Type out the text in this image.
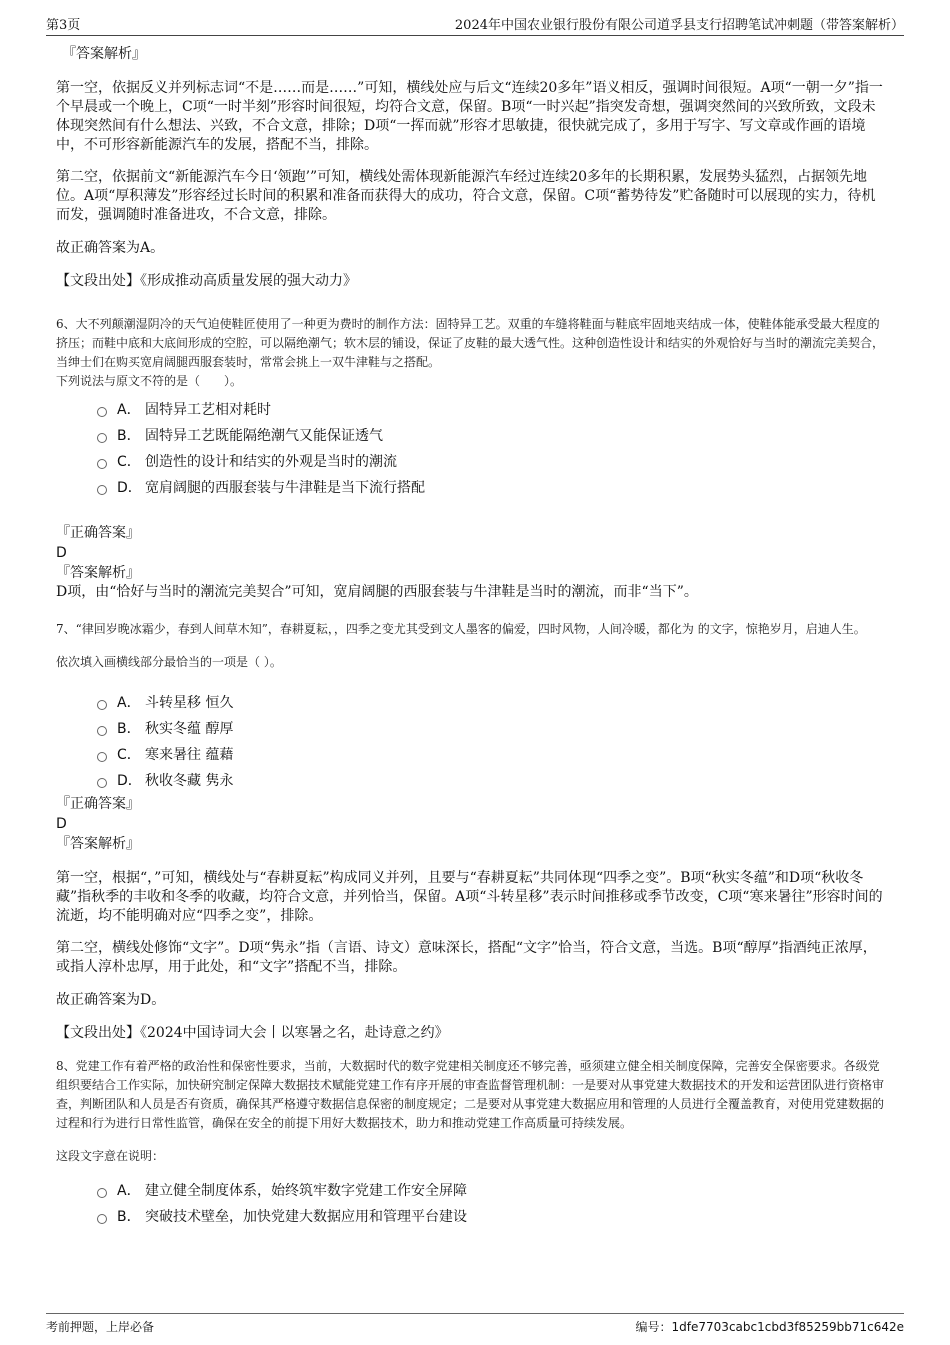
第3页	2024年中国农业银行股份有限公司道孚县支行招聘笔试冲刺题（带答案解析）
『答案解析』

第一空，依据反义并列标志词“不是……而是……”可知，横线处应与后文“连续20多年”语义相反，强调时间很短。A项“一朝一夕”指一个早晨或一个晚上，C项“一时半刻”形容时间很短，均符合文意，保留。B项“一时兴起”指突发奇想，强调突然间的兴致所致，文段未体现突然间有什么想法、兴致，不合文意，排除；D项“一挥而就”形容才思敏捷，很快就完成了，多用于写字、写文章或作画的语境中，不可形容新能源汽车的发展，搭配不当，排除。

第二空，依据前文“新能源汽车今日‘领跑’”可知，横线处需体现新能源汽车经过连续20多年的长期积累，发展势头猛烈，占据领先地位。A项“厚积薄发”形容经过长时间的积累和准备而获得大的成功，符合文意，保留。C项“蓄势待发”贮备随时可以展现的实力，待机而发，强调随时准备进攻，不合文意，排除。

故正确答案为A。

【文段出处】《形成推动高质量发展的强大动力》

6、大不列颠潮湿阴冷的天气迫使鞋匠使用了一种更为费时的制作方法：固特异工艺。双重的车缝将鞋面与鞋底牢固地夹结成一体，使鞋体能承受最大程度的挤压；而鞋中底和大底间形成的空腔，可以隔绝潮气；软木层的铺设，保证了皮鞋的最大透气性。这种创造性设计和结实的外观恰好与当时的潮流完美契合，当绅士们在购买宽肩阔腿西服套装时，常常会挑上一双牛津鞋与之搭配。

下列说法与原文不符的是（　　）。

A． 固特异工艺相对耗时
B． 固特异工艺既能隔绝潮气又能保证透气
C． 创造性的设计和结实的外观是当时的潮流
D． 宽肩阔腿的西服套装与牛津鞋是当下流行搭配
『正确答案』
D
『答案解析』

D项，由“恰好与当时的潮流完美契合”可知，宽肩阔腿的西服套装与牛津鞋是当时的潮流，而非“当下”。

7、“律回岁晚冰霜少，春到人间草木知”，春耕夏耘，，四季之变尤其受到文人墨客的偏爱，四时风物，人间冷暖，都化为 的文字，惊艳岁月，启迪人生。

依次填入画横线部分最恰当的一项是（ ）。

A． 斗转星移 恒久
B． 秋实冬蕴 醇厚
C． 寒来暑往 蕴藉
D． 秋收冬藏 隽永
『正确答案』
D
『答案解析』

第一空，根据“，”可知，横线处与“春耕夏耘”构成同义并列，且要与“春耕夏耘”共同体现“四季之变”。B项“秋实冬蕴”和D项“秋收冬藏”指秋季的丰收和冬季的收藏，均符合文意，并列恰当，保留。A项“斗转星移”表示时间推移或季节改变，C项“寒来暑往”形容时间的流逝，均不能明确对应“四季之变”，排除。

第二空，横线处修饰“文字”。D项“隽永”指（言语、诗文）意味深长，搭配“文字”恰当，符合文意，当选。B项“醇厚”指酒纯正浓厚，或指人淳朴忠厚，用于此处，和“文字”搭配不当，排除。

故正确答案为D。

【文段出处】《2024中国诗词大会丨以寒暑之名，赴诗意之约》

8、党建工作有着严格的政治性和保密性要求，当前，大数据时代的数字党建相关制度还不够完善，亟须建立健全相关制度保障，完善安全保密要求。各级党组织要结合工作实际，加快研究制定保障大数据技术赋能党建工作有序开展的审查监督管理机制：一是要对从事党建大数据技术的开发和运营团队进行资格审查，判断团队和人员是否有资质，确保其严格遵守数据信息保密的制度规定；二是要对从事党建大数据应用和管理的人员进行全覆盖教育，对使用党建数据的过程和行为进行日常性监管，确保在安全的前提下用好大数据技术，助力和推动党建工作高质量可持续发展。

这段文字意在说明：

A． 建立健全制度体系，始终筑牢数字党建工作安全屏障
B． 突破技术壁垒，加快党建大数据应用和管理平台建设
考前押题，上岸必备	编号：1dfe7703cabc1cbd3f85259bb71c642e
